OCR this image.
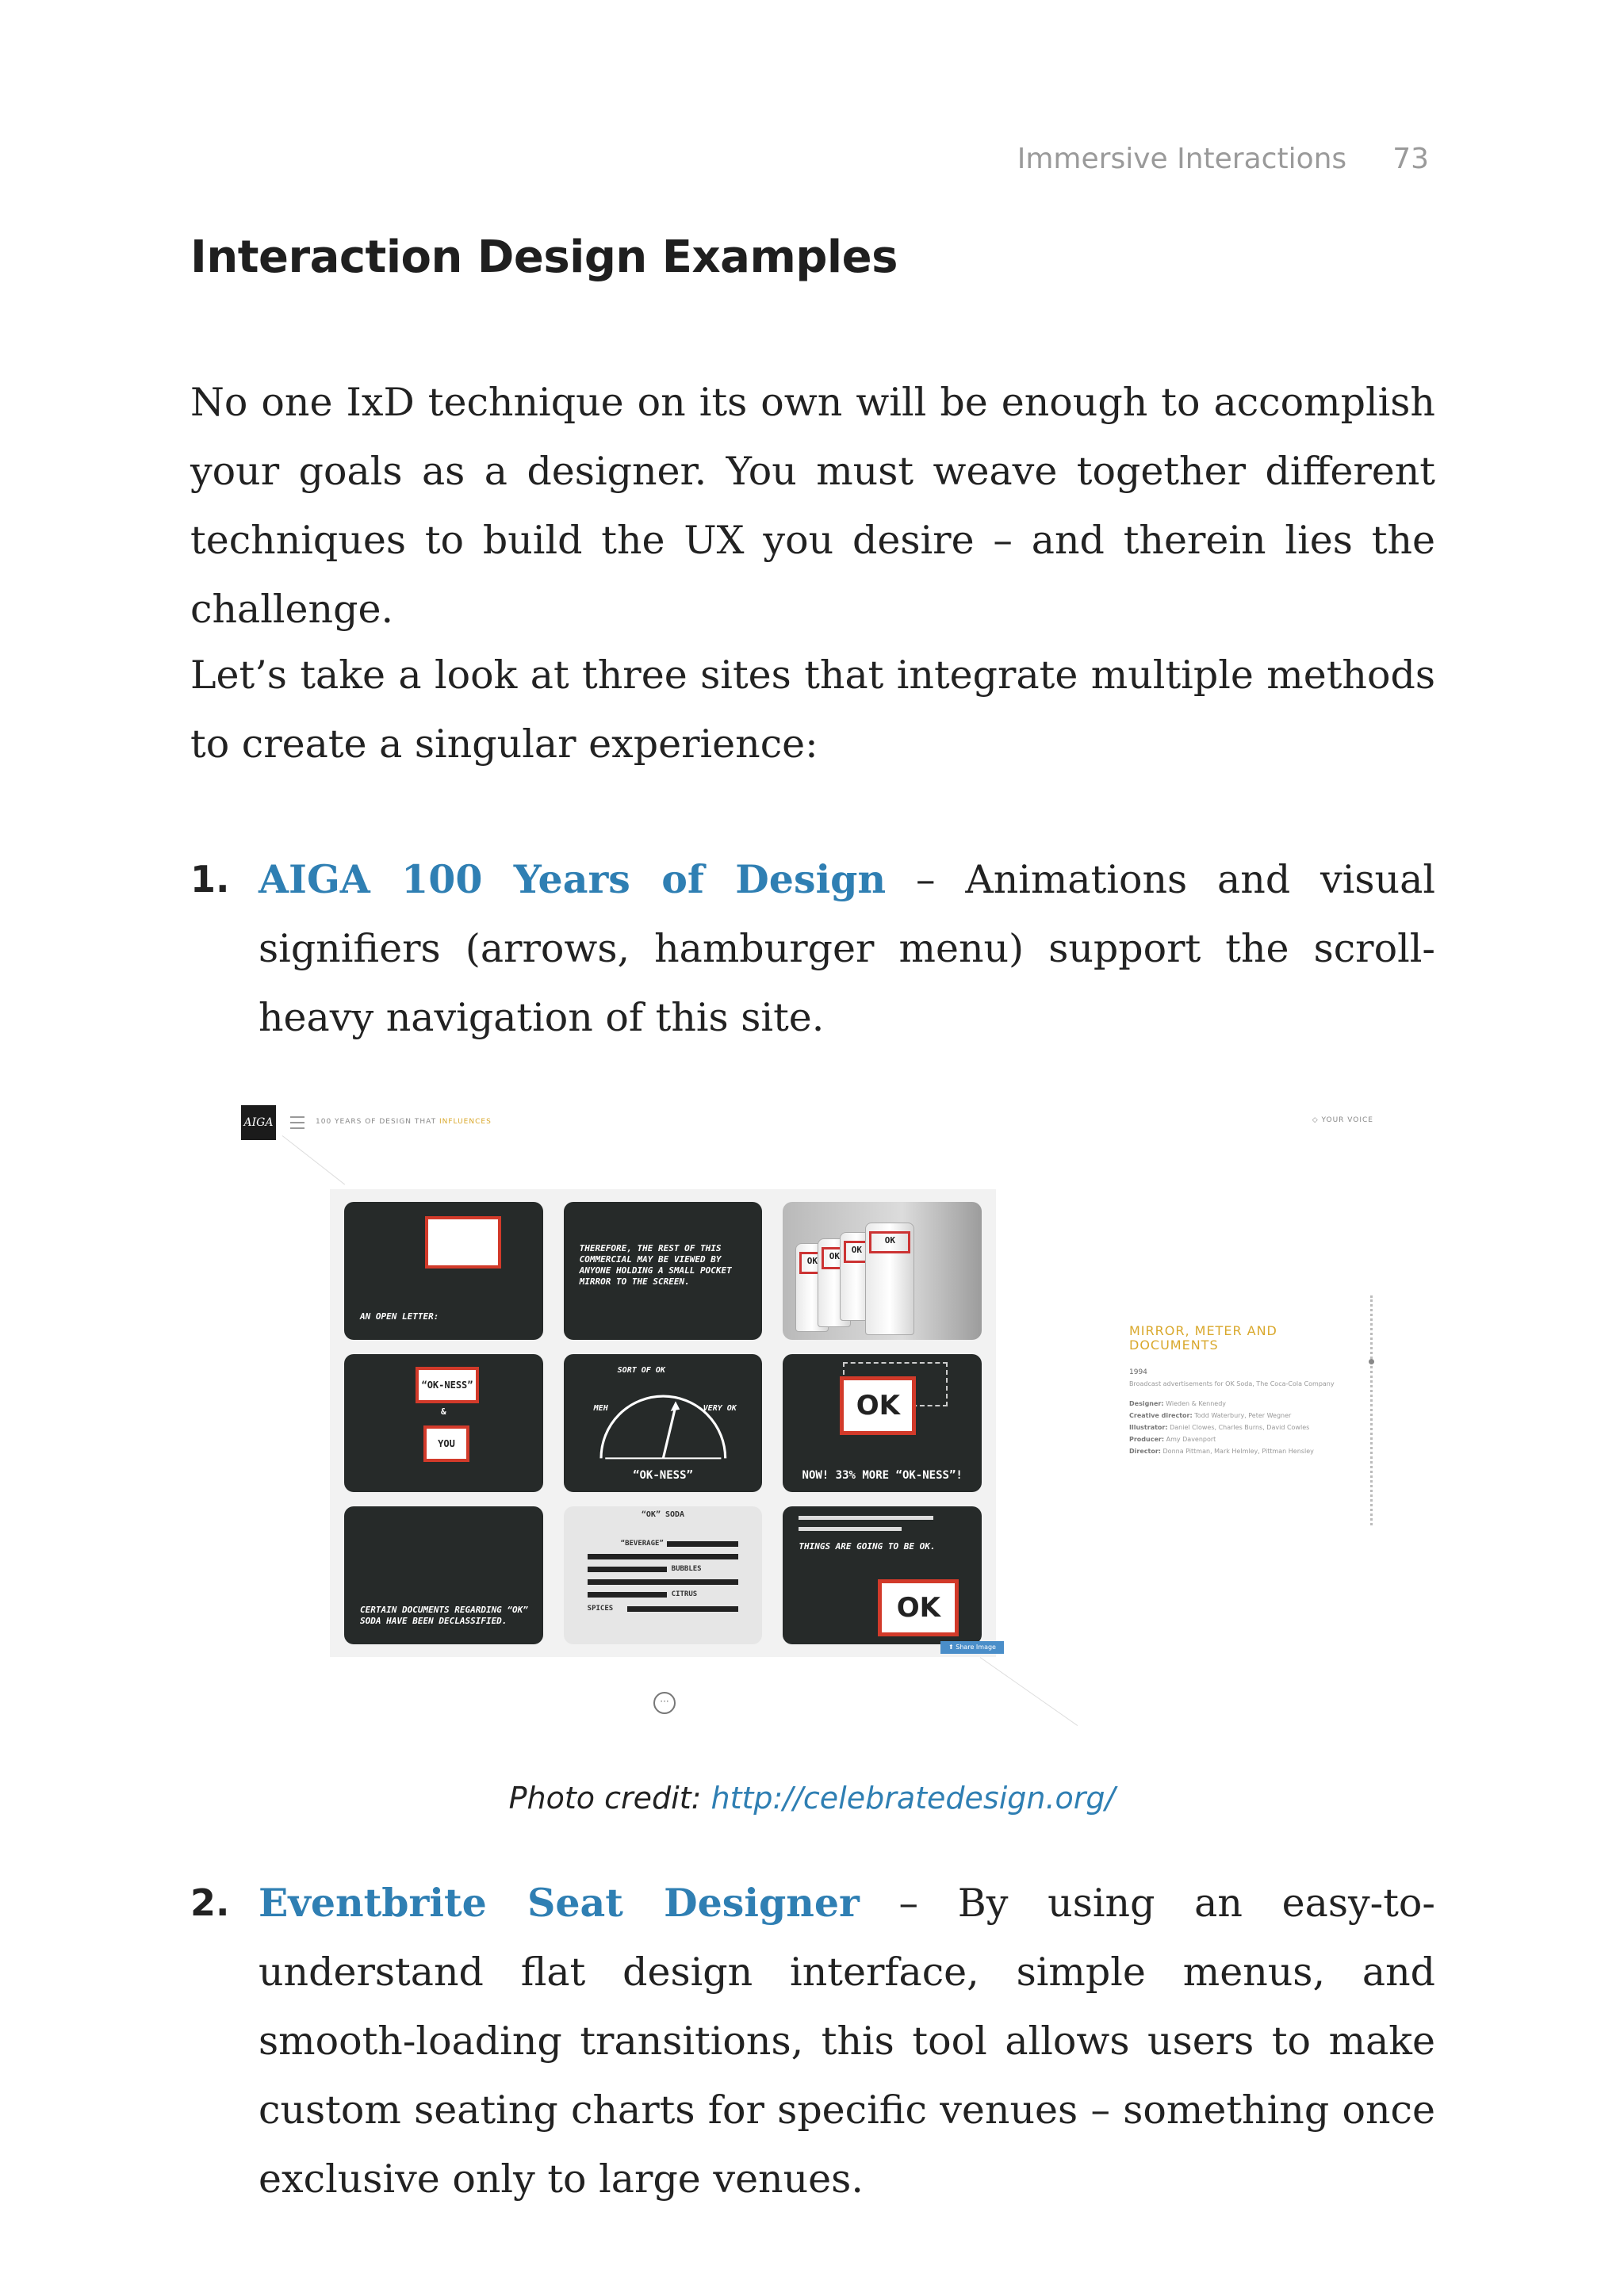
Immersive Interactions 73
Interaction Design Examples

No one IxD technique on its own will be enough to accomplish your goals as a designer. You must weave together different techniques to build the UX you desire – and therein lies the challenge.

Let’s take a look at three sites that integrate multiple methods to create a singular experience:

1. AIGA 100 Years of Design – Animations and visual signifiers (arrows, hamburger menu) support the scroll-heavy navigation of this site.
AIGA	100 YEARS OF DESIGN THAT INFLUENCES	◇ YOUR VOICE
AN OPEN LETTER:
THEREFORE, THE REST OF THIS COMMERCIAL MAY BE VIEWED BY ANYONE HOLDING A SMALL POCKET MIRROR TO THE SCREEN.
OK	OK
OK
OK
“OK-NESS”
&
YOU
SORT OF OK
MEH	VERY OK
“OK-NESS”
OK
NOW! 33% MORE “OK-NESS”!
CERTAIN DOCUMENTS REGARDING “OK” SODA HAVE BEEN DECLASSIFIED.
“OK” SODA
“BEVERAGE”
BUBBLES
CITRUS
SPICES
THINGS ARE GOING TO BE OK.
OK
⬆ Share Image
···
MIRROR, METER AND DOCUMENTS
1994
Broadcast advertisements for OK Soda, The Coca-Cola Company
Designer: Wieden & Kennedy
Creative director: Todd Waterbury, Peter Wegner
Illustrator: Daniel Clowes, Charles Burns, David Cowles
Producer: Amy Davenport
Director: Donna Pittman, Mark Helmley, Pittman Hensley
Photo credit: http://celebratedesign.org/
2. Eventbrite Seat Designer – By using an easy-to-understand flat design interface, simple menus, and smooth-loading transitions, this tool allows users to make custom seating charts for specific venues – something once exclusive only to large venues.
